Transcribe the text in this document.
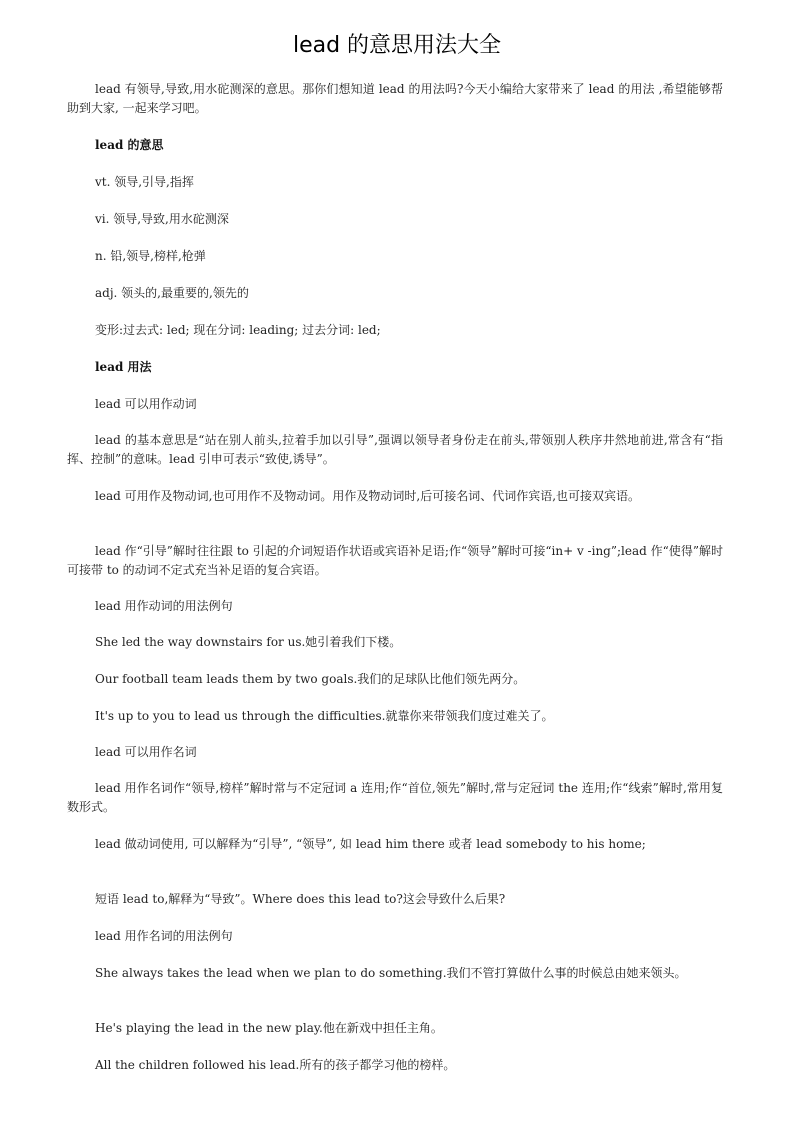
lead 的意思用法大全

lead 有领导,导致,用水砣测深的意思。那你们想知道 lead 的用法吗?今天小编给大家带来了 lead 的用法 ,希望能够帮助到大家, 一起来学习吧。

lead 的意思

vt. 领导,引导,指挥

vi. 领导,导致,用水砣测深

n. 铅,领导,榜样,枪弹

adj. 领头的,最重要的,领先的

变形:过去式: led; 现在分词: leading; 过去分词: led;

lead 用法

lead 可以用作动词

lead 的基本意思是“站在别人前头,拉着手加以引导”,强调以领导者身份走在前头,带领别人秩序井然地前进,常含有“指挥、控制”的意味。lead 引申可表示“致使,诱导”。

lead 可用作及物动词,也可用作不及物动词。用作及物动词时,后可接名词、代词作宾语,也可接双宾语。

lead 作“引导”解时往往跟 to 引起的介词短语作状语或宾语补足语;作“领导”解时可接“in+ v -ing”;lead 作“使得”解时可接带 to 的动词不定式充当补足语的复合宾语。

lead 用作动词的用法例句

She led the way downstairs for us.她引着我们下楼。

Our football team leads them by two goals.我们的足球队比他们领先两分。

It's up to you to lead us through the difficulties.就靠你来带领我们度过难关了。

lead 可以用作名词

lead 用作名词作“领导,榜样”解时常与不定冠词 a 连用;作“首位,领先”解时,常与定冠词 the 连用;作“线索”解时,常用复数形式。

lead 做动词使用, 可以解释为“引导”, “领导”, 如 lead him there 或者 lead somebody to his home;

短语 lead to,解释为“导致”。Where does this lead to?这会导致什么后果?

lead 用作名词的用法例句

She always takes the lead when we plan to do something.我们不管打算做什么事的时候总由她来领头。

He's playing the lead in the new play.他在新戏中担任主角。

All the children followed his lead.所有的孩子都学习他的榜样。
